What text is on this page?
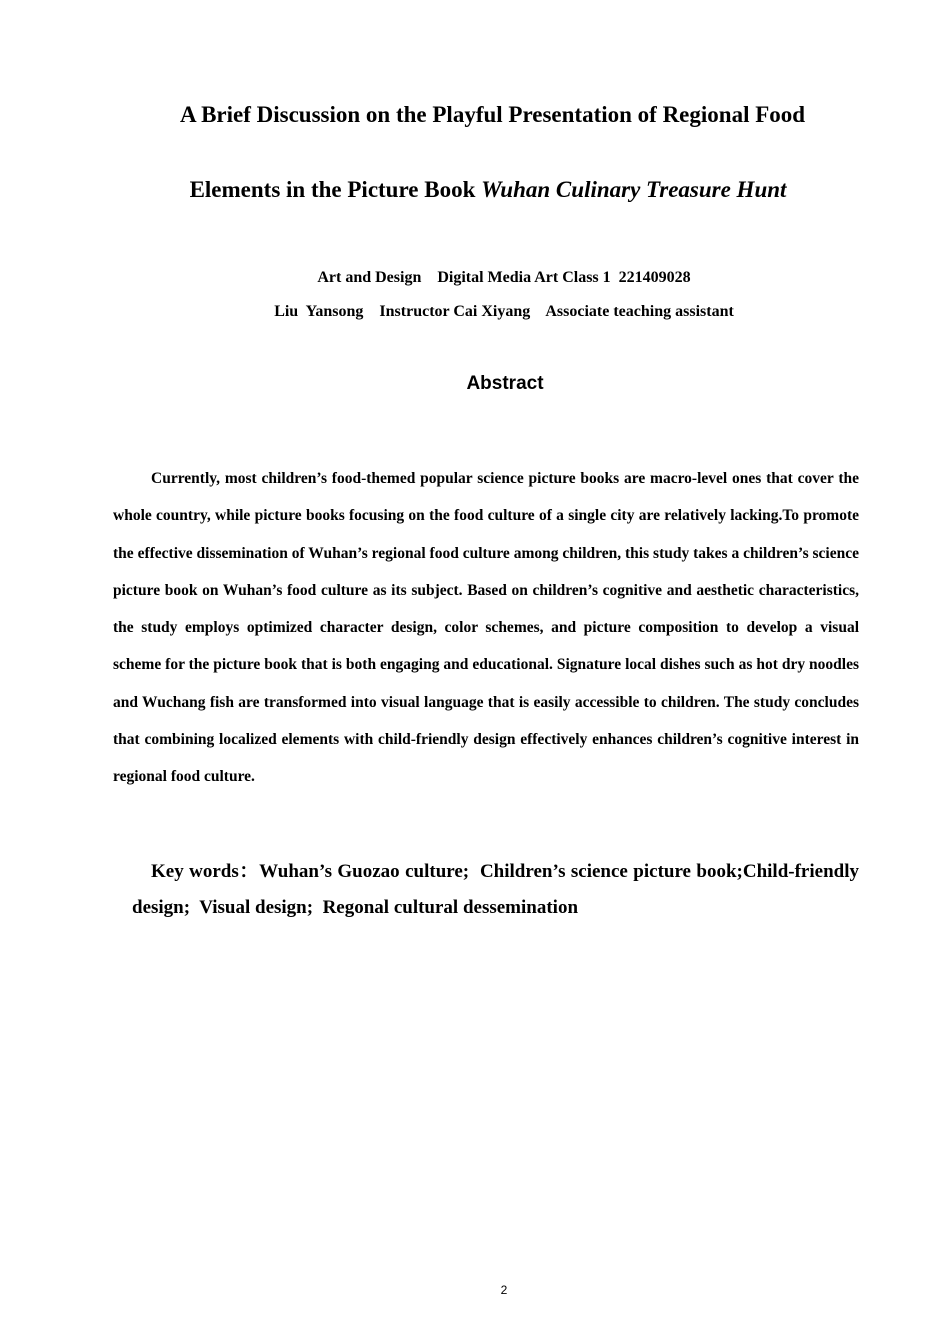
A Brief Discussion on the Playful Presentation of Regional Food
Elements in the Picture Book Wuhan Culinary Treasure Hunt
Art and Design    Digital Media Art Class 1  221409028
Liu  Yansong    Instructor Cai Xiyang    Associate teaching assistant
Abstract

Currently, most children’s food-themed popular science picture books are macro-level ones that cover the whole country, while picture books focusing on the food culture of a single city are relatively lacking.To promote the effective dissemination of Wuhan’s regional food culture among children, this study takes a children’s science picture book on Wuhan’s food culture as its subject. Based on children’s cognitive and aesthetic characteristics, the study employs optimized character design, color schemes, and picture composition to develop a visual scheme for the picture book that is both engaging and educational. Signature local dishes such as hot dry noodles and Wuchang fish are transformed into visual language that is easily accessible to children. The study concludes that combining localized elements with child-friendly design effectively enhances children’s cognitive interest in regional food culture.

Key words：Wuhan’s Guozao culture;  Children’s science picture book;Child-friendly design;  Visual design;  Regonal cultural dessemination

2
